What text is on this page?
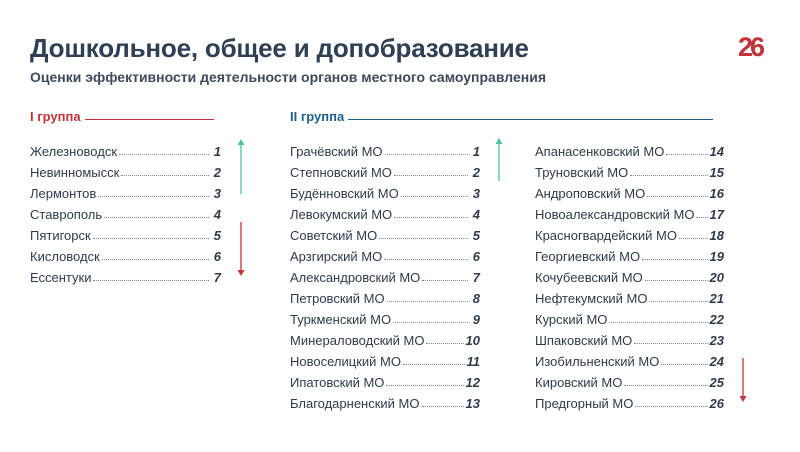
Дошкольное, общее и допобразование
Оценки эффективности деятельности органов местного самоуправления
26
I группа	II группа
Железноводск	1
Невинномысск	2
Лермонтов	3
Ставрополь	4
Пятигорск	5
Кисловодск	6
Ессентуки	7
Грачёвский МО	1
Степновский МО	2
Будённовский МО	3
Левокумский МО	4
Советский МО	5
Арзгирский МО	6
Александровский МО	7
Петровский МО	8
Туркменский МО	9
Минераловодский МО	10
Новоселицкий МО	11
Ипатовский МО	12
Благодарненский МО	13
Апанасенковский МО	14
Труновский МО	15
Андроповский МО	16
Новоалександровский МО 17
Красногвардейский МО	18
Георгиевский МО	19
Кочубеевский МО	20
Нефтекумский МО	21
Курский МО	22
Шпаковский МО	23
Изобильненский МО	24
Кировский МО	25
Предгорный МО	26
